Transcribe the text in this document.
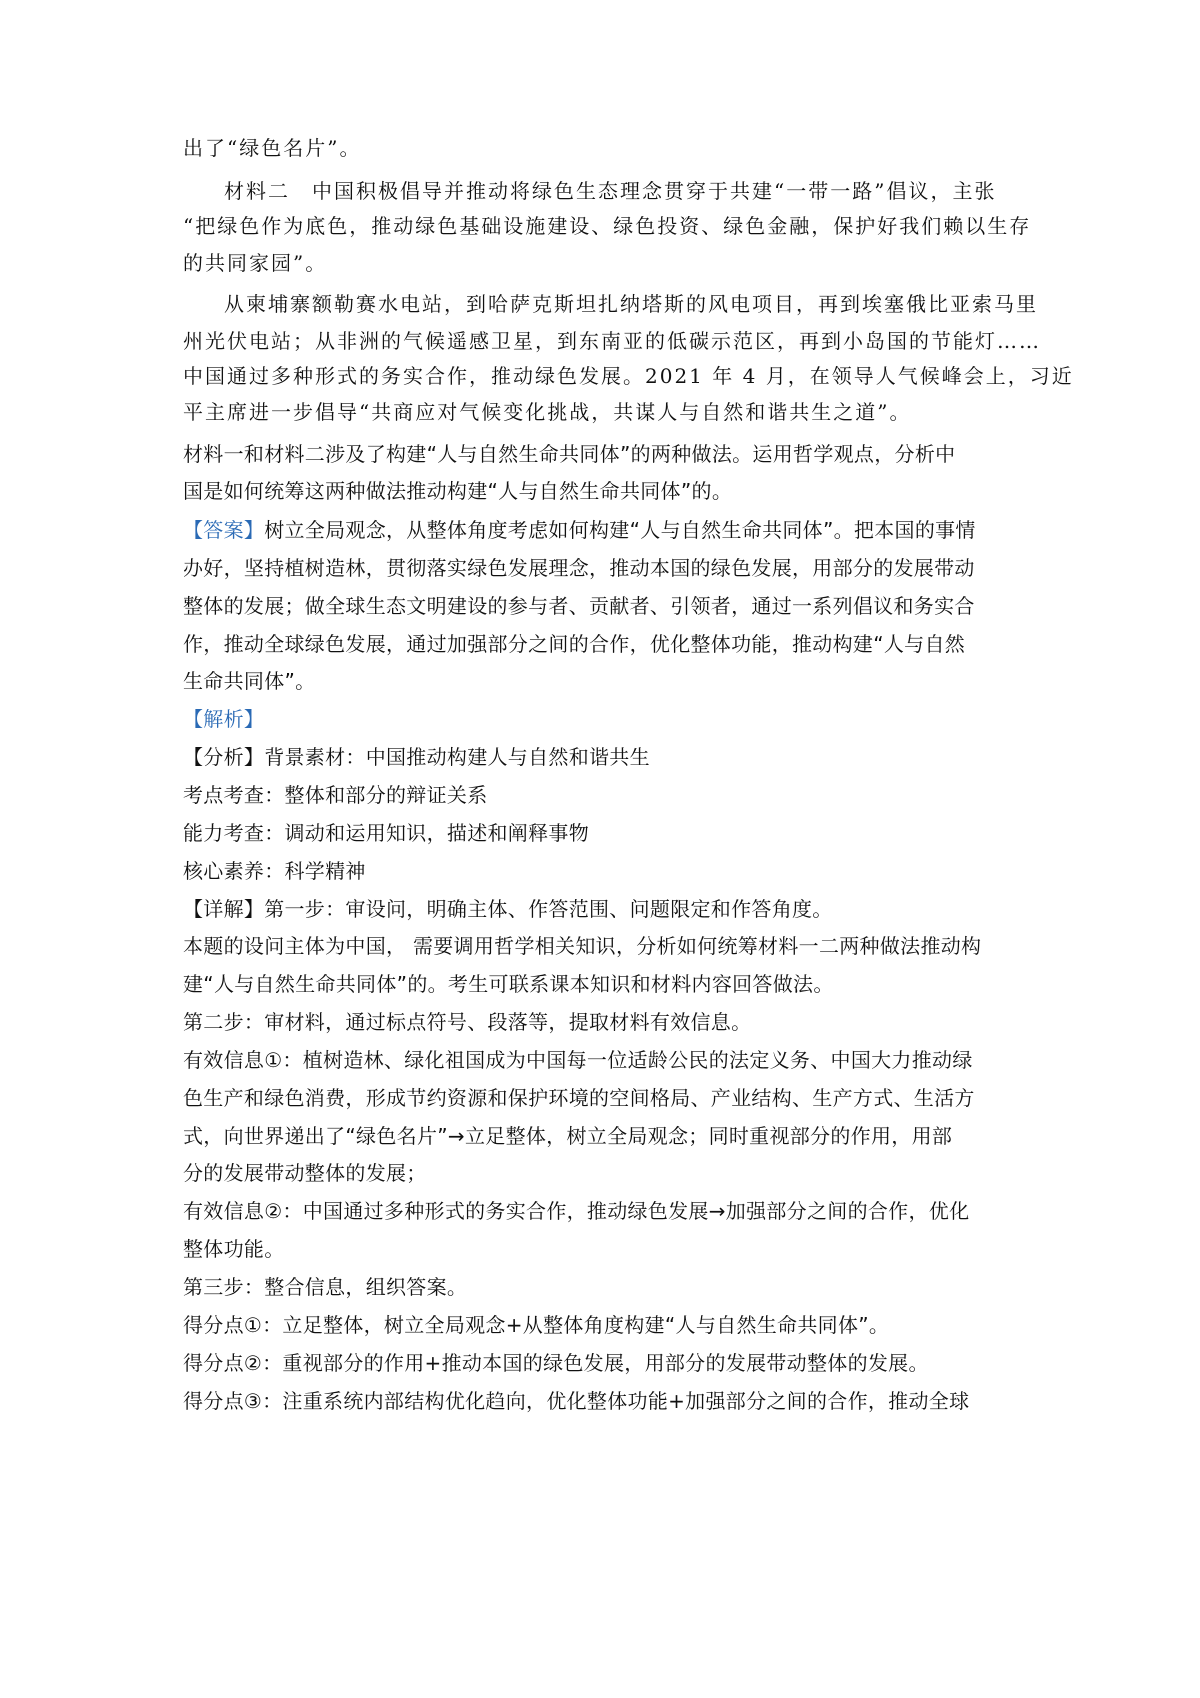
出了“绿色名片”。
材料二　中国积极倡导并推动将绿色生态理念贯穿于共建“一带一路”倡议，主张
“把绿色作为底色，推动绿色基础设施建设、绿色投资、绿色金融，保护好我们赖以生存
的共同家园”。
从柬埔寨额勒赛水电站，到哈萨克斯坦扎纳塔斯的风电项目，再到埃塞俄比亚索马里
州光伏电站；从非洲的气候遥感卫星，到东南亚的低碳示范区，再到小岛国的节能灯……
中国通过多种形式的务实合作，推动绿色发展。2021 年 4 月，在领导人气候峰会上，习近
平主席进一步倡导“共商应对气候变化挑战，共谋人与自然和谐共生之道”。
材料一和材料二涉及了构建“人与自然生命共同体”的两种做法。运用哲学观点，分析中
国是如何统筹这两种做法推动构建“人与自然生命共同体”的。
【答案】树立全局观念，从整体角度考虑如何构建“人与自然生命共同体”。把本国的事情
办好，坚持植树造林，贯彻落实绿色发展理念，推动本国的绿色发展，用部分的发展带动
整体的发展；做全球生态文明建设的参与者、贡献者、引领者，通过一系列倡议和务实合
作，推动全球绿色发展，通过加强部分之间的合作，优化整体功能，推动构建“人与自然
生命共同体”。
【解析】
【分析】背景素材：中国推动构建人与自然和谐共生
考点考查：整体和部分的辩证关系
能力考查：调动和运用知识，描述和阐释事物
核心素养：科学精神
【详解】第一步：审设问，明确主体、作答范围、问题限定和作答角度。
本题的设问主体为中国， 需要调用哲学相关知识，分析如何统筹材料一二两种做法推动构
建“人与自然生命共同体”的。考生可联系课本知识和材料内容回答做法。
第二步：审材料，通过标点符号、段落等，提取材料有效信息。
有效信息①：植树造林、绿化祖国成为中国每一位适龄公民的法定义务、中国大力推动绿
色生产和绿色消费，形成节约资源和保护环境的空间格局、产业结构、生产方式、生活方
式，向世界递出了“绿色名片”→立足整体，树立全局观念；同时重视部分的作用，用部
分的发展带动整体的发展；
有效信息②：中国通过多种形式的务实合作，推动绿色发展→加强部分之间的合作，优化
整体功能。
第三步：整合信息，组织答案。
得分点①：立足整体，树立全局观念+从整体角度构建“人与自然生命共同体”。
得分点②：重视部分的作用+推动本国的绿色发展，用部分的发展带动整体的发展。
得分点③：注重系统内部结构优化趋向，优化整体功能+加强部分之间的合作，推动全球
